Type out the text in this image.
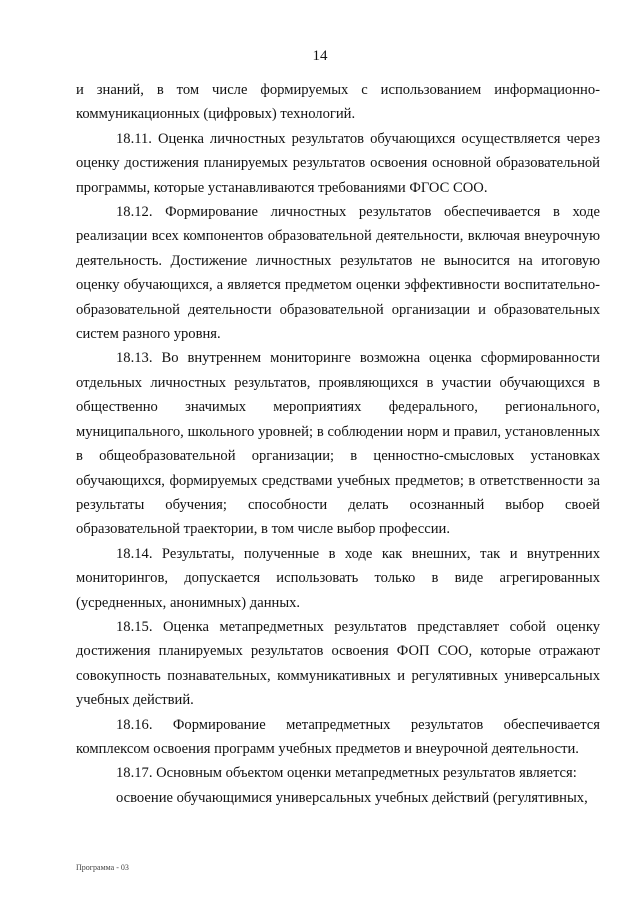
14

и знаний, в том числе формируемых с использованием информационно-коммуникационных (цифровых) технологий.

18.11. Оценка личностных результатов обучающихся осуществляется через оценку достижения планируемых результатов освоения основной образовательной программы, которые устанавливаются требованиями ФГОС СОО.

18.12. Формирование личностных результатов обеспечивается в ходе реализации всех компонентов образовательной деятельности, включая внеурочную деятельность. Достижение личностных результатов не выносится на итоговую оценку обучающихся, а является предметом оценки эффективности воспитательно-образовательной деятельности образовательной организации и образовательных систем разного уровня.

18.13. Во внутреннем мониторинге возможна оценка сформированности отдельных личностных результатов, проявляющихся в участии обучающихся в общественно значимых мероприятиях федерального, регионального, муниципального, школьного уровней; в соблюдении норм и правил, установленных в общеобразовательной организации; в ценностно-смысловых установках обучающихся, формируемых средствами учебных предметов; в ответственности за результаты обучения; способности делать осознанный выбор своей образовательной траектории, в том числе выбор профессии.

18.14. Результаты, полученные в ходе как внешних, так и внутренних мониторингов, допускается использовать только в виде агрегированных (усредненных, анонимных) данных.

18.15. Оценка метапредметных результатов представляет собой оценку достижения планируемых результатов освоения ФОП СОО, которые отражают совокупность познавательных, коммуникативных и регулятивных универсальных учебных действий.

18.16. Формирование метапредметных результатов обеспечивается комплексом освоения программ учебных предметов и внеурочной деятельности.

18.17. Основным объектом оценки метапредметных результатов является:

освоение обучающимися универсальных учебных действий (регулятивных,

Программа - 03
